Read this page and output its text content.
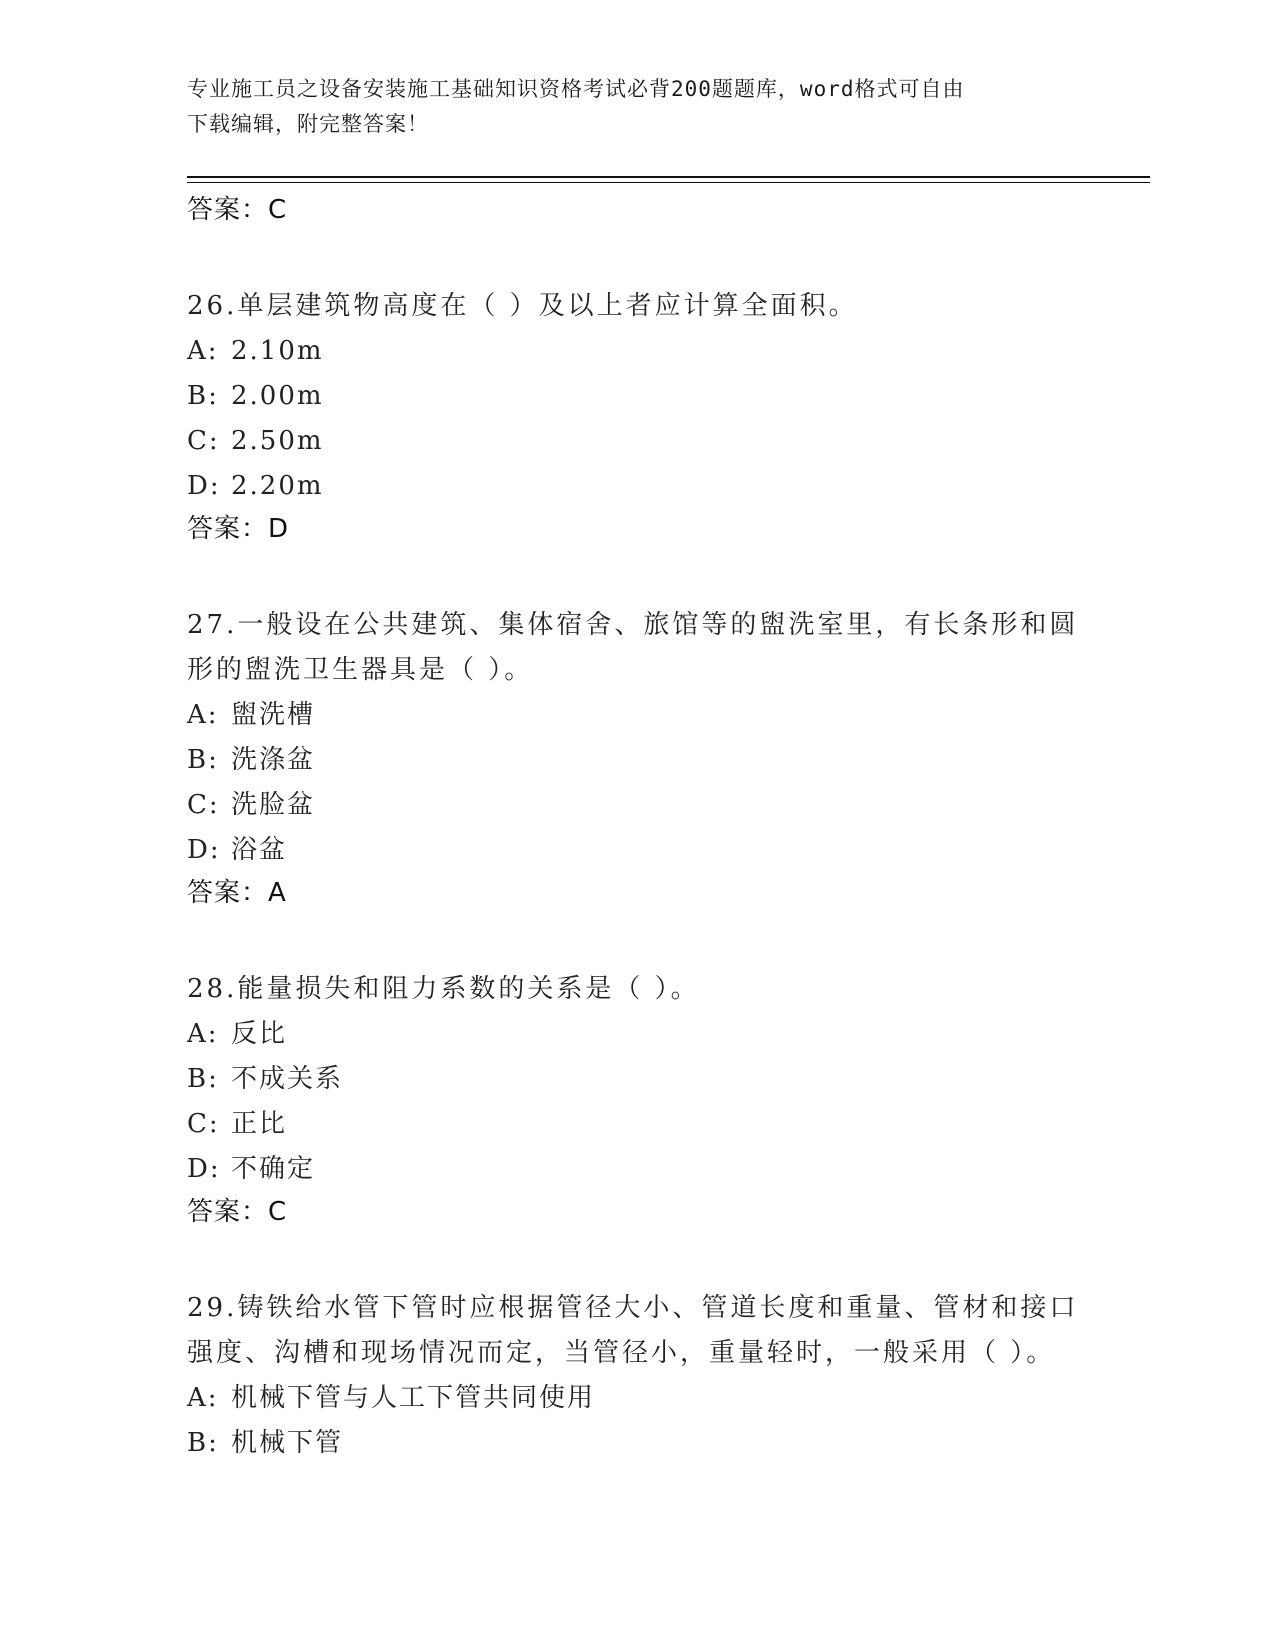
专业施工员之设备安装施工基础知识资格考试必背200题题库，word格式可自由
下载编辑，附完整答案！
答案：C

26.单层建筑物高度在（ ）及以上者应计算全面积。

A: 2.10m
B: 2.00m
C: 2.50m
D: 2.20m
答案：D

27.一般设在公共建筑、集体宿舍、旅馆等的盥洗室里，有长条形和圆形的盥洗卫生器具是（ ）。

A: 盥洗槽
B: 洗涤盆
C: 洗脸盆
D: 浴盆
答案：A

28.能量损失和阻力系数的关系是（ ）。

A: 反比
B: 不成关系
C: 正比
D: 不确定
答案：C

29.铸铁给水管下管时应根据管径大小、管道长度和重量、管材和接口强度、沟槽和现场情况而定，当管径小，重量轻时，一般采用（ ）。

A: 机械下管与人工下管共同使用
B: 机械下管
